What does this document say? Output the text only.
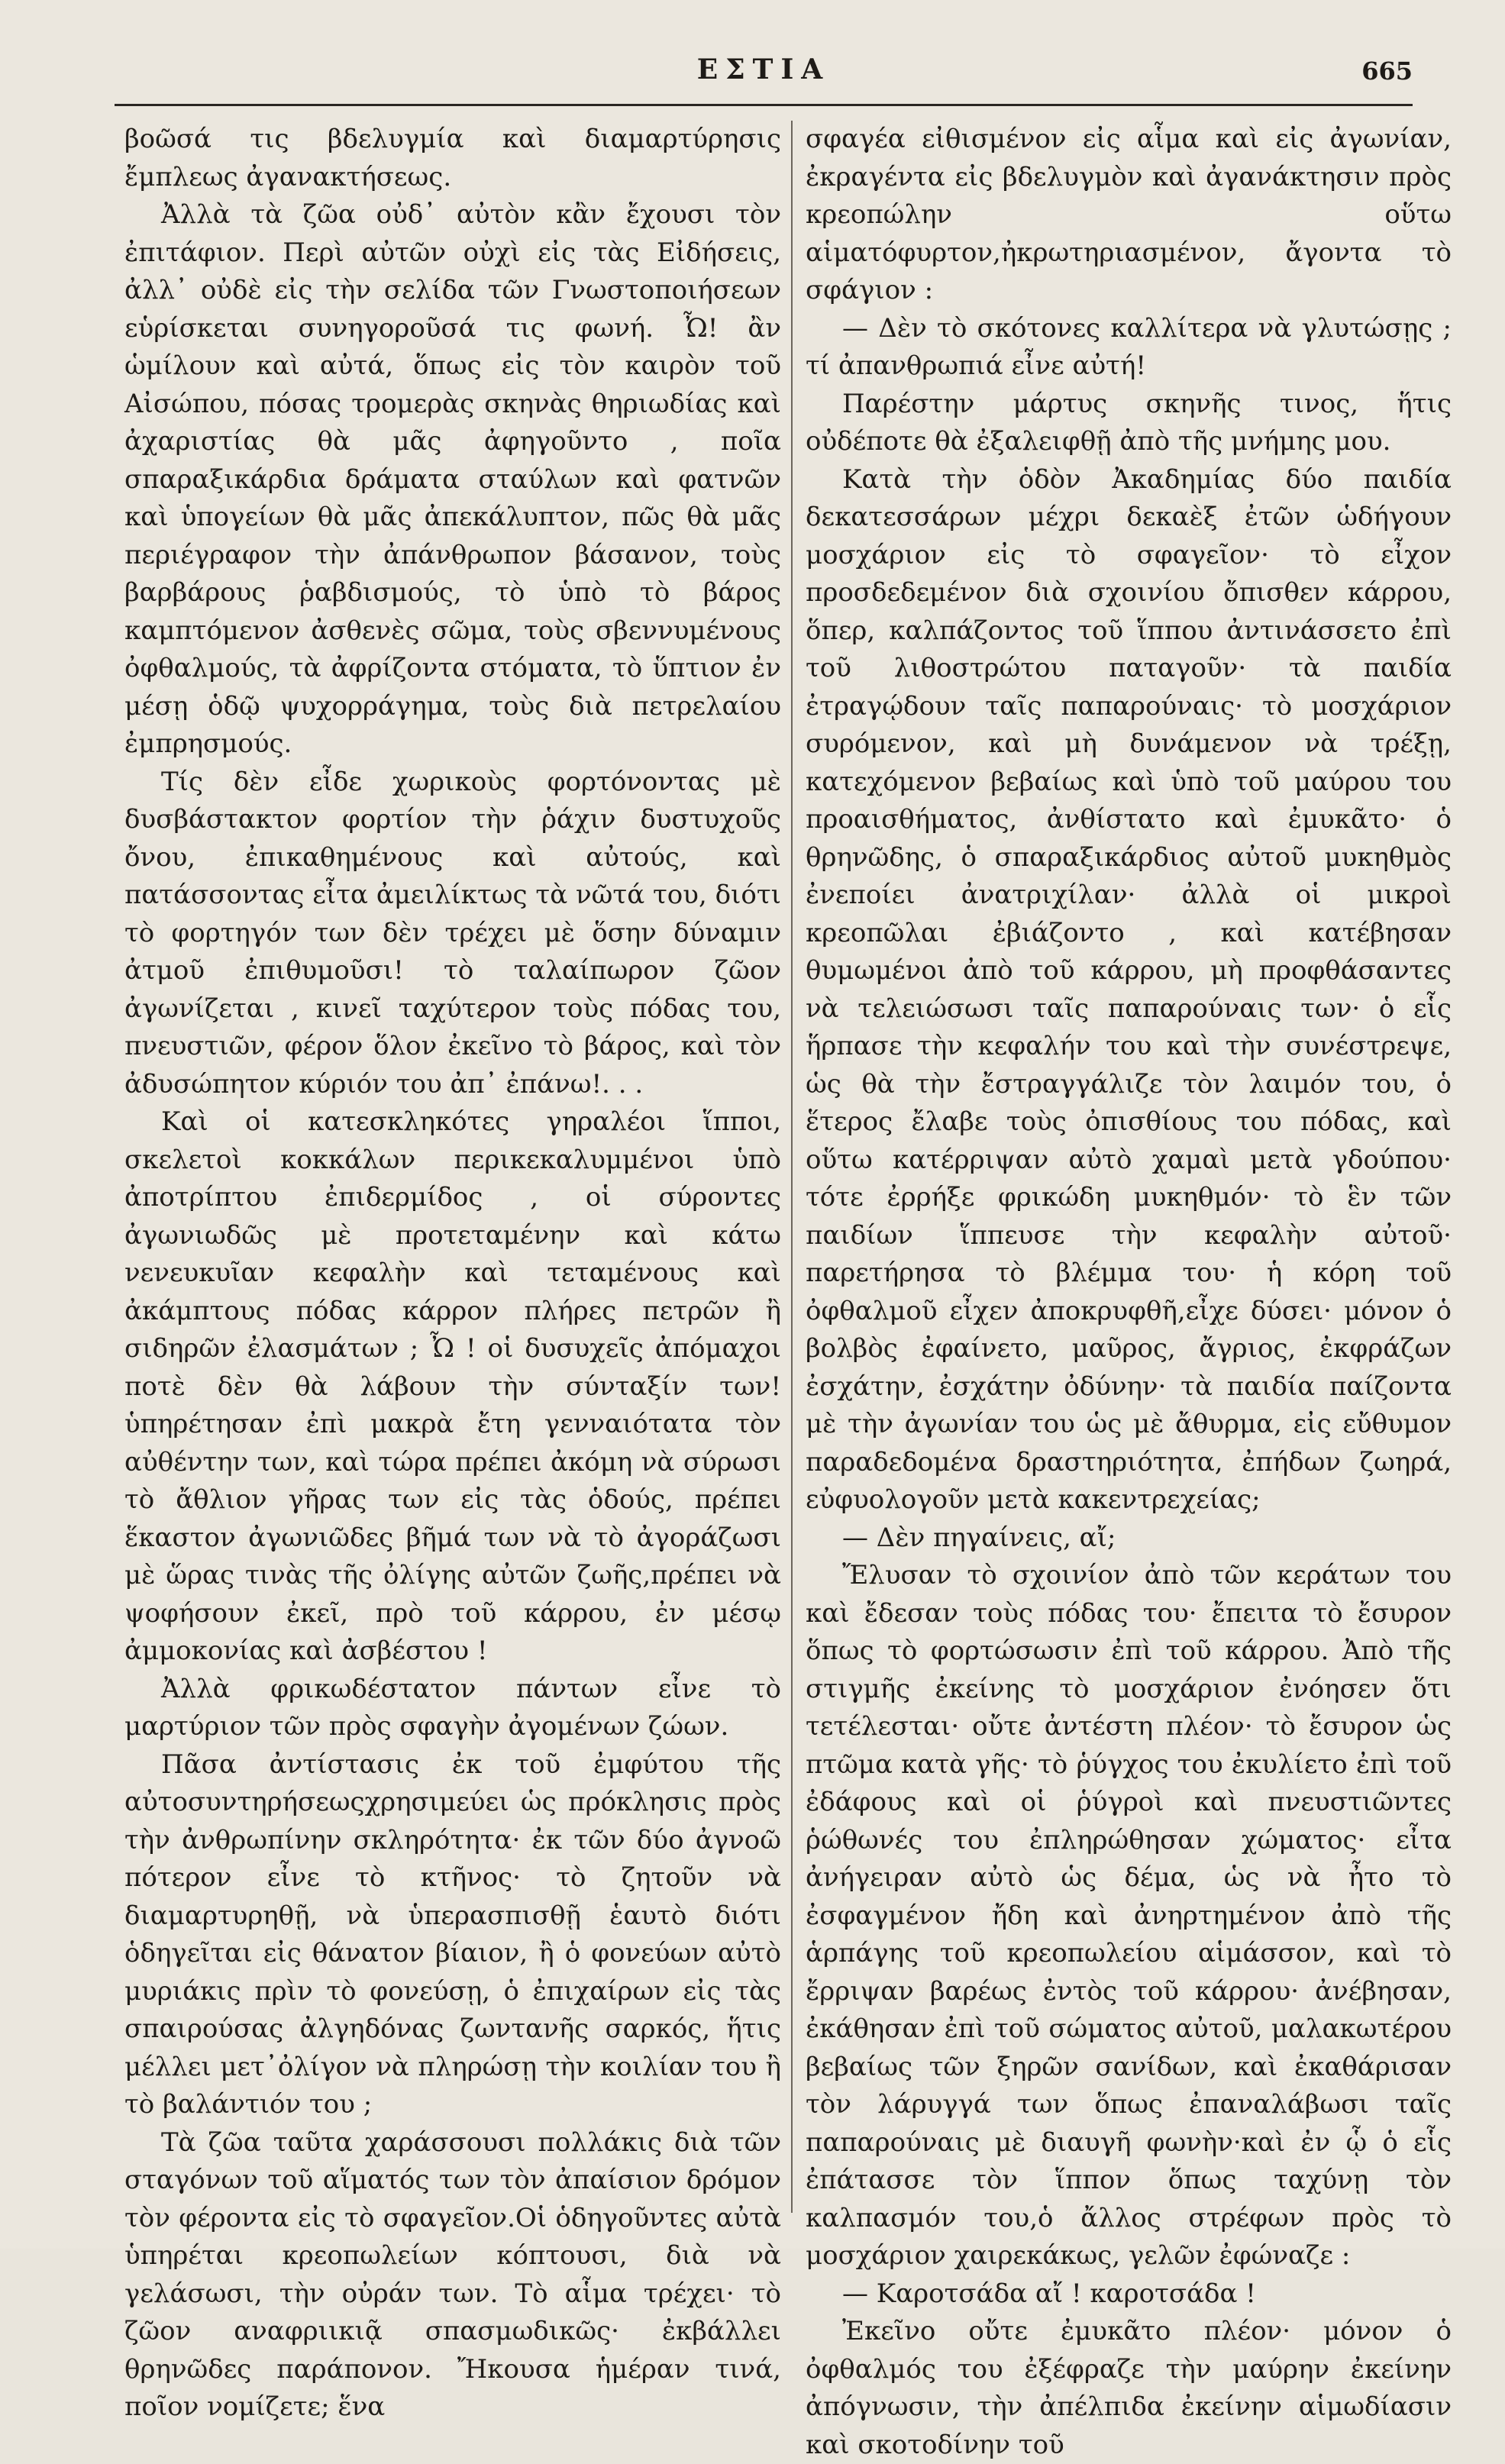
ΕΣΤΙΑ	665

βοῶσά τις βδελυγμία καὶ διαμαρτύρησις ἔμπλεως ἀγανακτήσεως.

Ἀλλὰ τὰ ζῶα οὐδ᾽ αὐτὸν κἂν ἔχουσι τὸν ἐπιτάφιον. Περὶ αὐτῶν οὐχὶ εἰς τὰς Εἰδήσεις, ἀλλ᾽ οὐδὲ εἰς τὴν σελίδα τῶν Γνωστοποιήσεων εὑρίσκεται συνηγοροῦσά τις φωνή. Ὦ! ἂν ὡμίλουν καὶ αὐτά, ὅπως εἰς τὸν καιρὸν τοῦ Αἰσώπου, πόσας τρομερὰς σκηνὰς θηριωδίας καὶ ἀχαριστίας θὰ μᾶς ἀφηγοῦντο , ποῖα σπαραξικάρδια δράματα σταύλων καὶ φατνῶν καὶ ὑπογείων θὰ μᾶς ἀπεκάλυπτον, πῶς θὰ μᾶς περιέγραφον τὴν ἀπάνθρωπον βάσανον, τοὺς βαρβάρους ῥαβδισμούς, τὸ ὑπὸ τὸ βάρος καμπτόμενον ἀσθενὲς σῶμα, τοὺς σβεννυμένους ὀφθαλμούς, τὰ ἀφρίζοντα στόματα, τὸ ὕπτιον ἐν μέσῃ ὁδῷ ψυχορράγημα, τοὺς διὰ πετρελαίου ἐμπρησμούς.

Τίς δὲν εἶδε χωρικοὺς φορτόνοντας μὲ δυσβάστακτον φορτίον τὴν ῥάχιν δυστυχοῦς ὄνου, ἐπικαθημένους καὶ αὐτούς, καὶ πατάσσοντας εἶτα ἀμειλίκτως τὰ νῶτά του, διότι τὸ φορτηγόν των δὲν τρέχει μὲ ὅσην δύναμιν ἀτμοῦ ἐπιθυμοῦσι! τὸ ταλαίπωρον ζῶον ἀγωνίζεται , κινεῖ ταχύτερον τοὺς πόδας του, πνευστιῶν, φέρον ὅλον ἐκεῖνο τὸ βάρος, καὶ τὸν ἀδυσώπητον κύριόν του ἀπ᾽ ἐπάνω!. . .

Καὶ οἱ κατεσκληκότες γηραλέοι ἵπποι, σκελετοὶ κοκκάλων περικεκαλυμμένοι ὑπὸ ἀποτρίπτου ἐπιδερμίδος , οἱ σύροντες ἀγωνιωδῶς μὲ προτεταμένην καὶ κάτω νενευκυῖαν κεφαλὴν καὶ τεταμένους καὶ ἀκάμπτους πόδας κάρρον πλήρες πετρῶν ἢ σιδηρῶν ἐλασμάτων ; Ὦ ! οἱ δυσυχεῖς ἀπόμαχοι ποτὲ δὲν θὰ λάβουν τὴν σύνταξίν των! ὑπηρέτησαν ἐπὶ μακρὰ ἔτη γενναιότατα τὸν αὐθέντην των, καὶ τώρα πρέπει ἀκόμη νὰ σύρωσι τὸ ἄθλιον γῆρας των εἰς τὰς ὁδούς, πρέπει ἕκαστον ἀγωνιῶδες βῆμά των νὰ τὸ ἀγοράζωσι μὲ ὥρας τινὰς τῆς ὀλίγης αὐτῶν ζωῆς,πρέπει νὰ ψοφήσουν ἐκεῖ, πρὸ τοῦ κάρρου, ἐν μέσῳ ἀμμοκονίας καὶ ἀσβέστου !

Ἀλλὰ φρικωδέστατον πάντων εἶνε τὸ μαρτύριον τῶν πρὸς σφαγὴν ἀγομένων ζώων.

Πᾶσα ἀντίστασις ἐκ τοῦ ἐμφύτου τῆς αὐτοσυντηρήσεωςχρησιμεύει ὡς πρόκλησις πρὸς τὴν ἀνθρωπίνην σκληρότητα· ἐκ τῶν δύο ἀγνοῶ πότερον εἶνε τὸ κτῆνος· τὸ ζητοῦν νὰ διαμαρτυρηθῇ, νὰ ὑπερασπισθῇ ἑαυτὸ διότι ὁδηγεῖται εἰς θάνατον βίαιον, ἢ ὁ φονεύων αὐτὸ μυριάκις πρὶν τὸ φονεύσῃ, ὁ ἐπιχαίρων εἰς τὰς σπαιρούσας ἀλγηδόνας ζωντανῆς σαρκός, ἥτις μέλλει μετ᾽ὀλίγον νὰ πληρώσῃ τὴν κοιλίαν του ἢ τὸ βαλάντιόν του ;

Τὰ ζῶα ταῦτα χαράσσουσι πολλάκις διὰ τῶν σταγόνων τοῦ αἵματός των τὸν ἀπαίσιον δρόμον τὸν φέροντα εἰς τὸ σφαγεῖον.Οἱ ὁδηγοῦντες αὐτὰ ὑπηρέται κρεοπωλείων κόπτουσι, διὰ νὰ γελάσωσι, τὴν οὐράν των. Τὸ αἷμα τρέχει· τὸ ζῶον αναφριικιᾷ σπασμωδικῶς· ἐκβάλλει θρηνῶδες παράπονον. Ἤκουσα ἡμέραν τινά, ποῖον νομίζετε; ἕνα

σφαγέα εἰθισμένον εἰς αἷμα καὶ εἰς ἀγωνίαν, ἐκραγέντα εἰς βδελυγμὸν καὶ ἀγανάκτησιν πρὸς κρεοπώλην οὕτω αἱματόφυρτον,ἠκρωτηριασμένον, ἄγοντα τὸ σφάγιον :

— Δὲν τὸ σκότονες καλλίτερα νὰ γλυτώσῃς ; τί ἀπανθρωπιά εἶνε αὐτή!

Παρέστην μάρτυς σκηνῆς τινος, ἥτις οὐδέποτε θὰ ἐξαλειφθῇ ἀπὸ τῆς μνήμης μου.

Κατὰ τὴν ὁδὸν Ἀκαδημίας δύο παιδία δεκατεσσάρων μέχρι δεκαὲξ ἐτῶν ὡδήγουν μοσχάριον εἰς τὸ σφαγεῖον· τὸ εἶχον προσδεδεμένον διὰ σχοινίου ὄπισθεν κάρρου, ὅπερ, καλπάζοντος τοῦ ἵππου ἀντινάσσετο ἐπὶ τοῦ λιθοστρώτου παταγοῦν· τὰ παιδία ἐτραγῴδουν ταῖς παπαρούναις· τὸ μοσχάριον συρόμενον, καὶ μὴ δυνάμενον νὰ τρέξῃ, κατεχόμενον βεβαίως καὶ ὑπὸ τοῦ μαύρου του προαισθήματος, ἀνθίστατο καὶ ἐμυκᾶτο· ὁ θρηνῶδης, ὁ σπαραξικάρδιος αὐτοῦ μυκηθμὸς ἐνεποίει ἀνατριχίλαν· ἀλλὰ οἱ μικροὶ κρεοπῶλαι ἐβιάζοντο , καὶ κατέβησαν θυμωμένοι ἀπὸ τοῦ κάρρου, μὴ προφθάσαντες νὰ τελειώσωσι ταῖς παπαρούναις των· ὁ εἷς ἥρπασε τὴν κεφαλήν του καὶ τὴν συνέστρεψε, ὡς θὰ τὴν ἔστραγγάλιζε τὸν λαιμόν του, ὁ ἕτερος ἔλαβε τοὺς ὀπισθίους του πόδας, καὶ οὕτω κατέρριψαν αὐτὸ χαμαὶ μετὰ γδούπου· τότε ἐρρήξε φρικώδη μυκηθμόν· τὸ ἓν τῶν παιδίων ἵππευσε τὴν κεφαλὴν αὐτοῦ· παρετήρησα τὸ βλέμμα του· ἡ κόρη τοῦ ὀφθαλμοῦ εἶχεν ἀποκρυφθῆ,εἶχε δύσει· μόνον ὁ βολβὸς ἐφαίνετο, μαῦρος, ἄγριος, ἐκφράζων ἐσχάτην, ἐσχάτην ὀδύνην· τὰ παιδία παίζοντα μὲ τὴν ἀγωνίαν του ὡς μὲ ἄθυρμα, εἰς εὔθυμον παραδεδομένα δραστηριότητα, ἐπήδων ζωηρά, εὐφυολογοῦν μετὰ κακεντρεχείας;

— Δὲν πηγαίνεις, αἴ;

Ἔλυσαν τὸ σχοινίον ἀπὸ τῶν κεράτων του καὶ ἔδεσαν τοὺς πόδας του· ἔπειτα τὸ ἔσυρον ὅπως τὸ φορτώσωσιν ἐπὶ τοῦ κάρρου. Ἀπὸ τῆς στιγμῆς ἐκείνης τὸ μοσχάριον ἐνόησεν ὅτι τετέλεσται· οὔτε ἀντέστη πλέον· τὸ ἔσυρον ὡς πτῶμα κατὰ γῆς· τὸ ῥύγχος του ἐκυλίετο ἐπὶ τοῦ ἐδάφους καὶ οἱ ῥύγροὶ καὶ πνευστιῶντες ῥώθωνές του ἐπληρώθησαν χώματος· εἶτα ἀνήγειραν αὐτὸ ὡς δέμα, ὡς νὰ ἦτο τὸ ἐσφαγμένον ἤδη καὶ ἀνηρτημένον ἀπὸ τῆς ἁρπάγης τοῦ κρεοπωλείου αἱμάσσον, καὶ τὸ ἔρριψαν βαρέως ἐντὸς τοῦ κάρρου· ἀνέβησαν, ἐκάθησαν ἐπὶ τοῦ σώματος αὐτοῦ, μαλακωτέρου βεβαίως τῶν ξηρῶν σανίδων, καὶ ἐκαθάρισαν τὸν λάρυγγά των ὅπως ἐπαναλάβωσι ταῖς παπαρούναις μὲ διαυγῆ φωνὴν·καὶ ἐν ᾧ ὁ εἷς ἐπάτασσε τὸν ἵππον ὅπως ταχύνῃ τὸν καλπασμόν του,ὁ ἄλλος στρέφων πρὸς τὸ μοσχάριον χαιρεκάκως, γελῶν ἐφώναζε :

— Καροτσάδα αἴ ! καροτσάδα !

Ἐκεῖνο οὔτε ἐμυκᾶτο πλέον· μόνον ὁ ὀφθαλμός του ἐξέφραζε τὴν μαύρην ἐκείνην ἀπόγνωσιν, τὴν ἀπέλπιδα ἐκείνην αἱμωδίασιν καὶ σκοτοδίνην τοῦ
